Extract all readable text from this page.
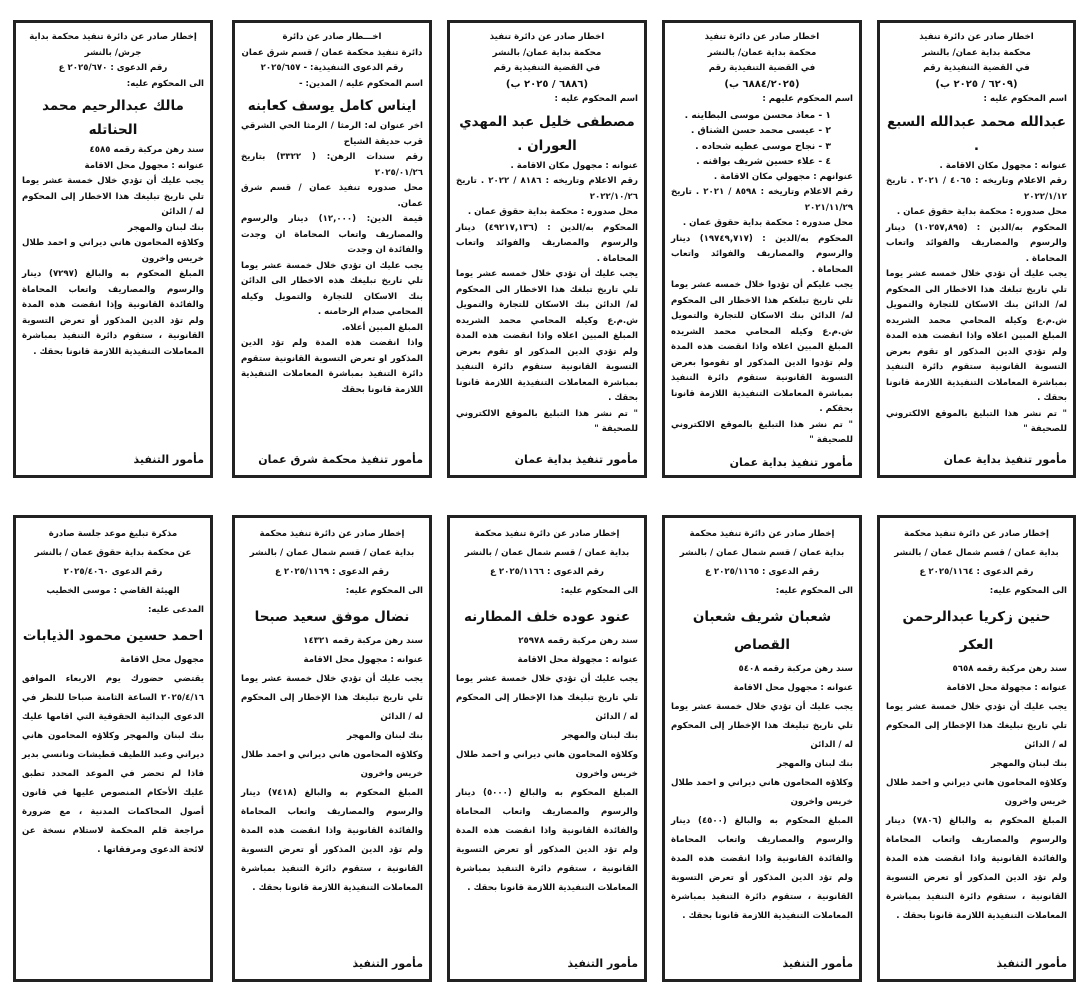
اخطار صادر عن دائرة تنفيذ

محكمة بداية عمان/ بالنشر

في القضية التنفيذية رقم

(٦٢٠٩ / ٢٠٢٥ ب)

اسم المحكوم عليه :

عبدالله محمد عبدالله السبع .

عنوانه : مجهول مكان الاقامة .

رقم الاعلام وتاريخه : ٤٠٦٥ / ٢٠٢١ . تاريخ ٢٠٢٢/١/١٢

محل صدوره : محكمة بداية حقوق عمان .

المحكوم به/الدين : (١٠٢٥٧,٨٩٥) دينار والرسوم والمصاريف والفوائد واتعاب المحاماة .

يجب عليك أن تؤدي خلال خمسه عشر يوما تلي تاريخ تبلغك هذا الاخطار الى المحكوم له/ الدائن بنك الاسكان للتجارة والتمويل ش.م.ع وكيله المحامي محمد الشريده المبلغ المبين اعلاه واذا انقضت هذه المدة ولم تؤدي الدين المذكور او تقوم بعرض التسوية القانونية ستقوم دائرة التنفيذ بمباشرة المعاملات التنفيذية اللازمة قانونا بحقك .

" تم نشر هذا التبليغ بالموقع الالكتروني للصحيفة "

مأمور تنفيذ بداية عمان

اخطار صادر عن دائرة تنفيذ

محكمة بداية عمان/ بالنشر

في القضية التنفيذية رقم

(٦٨٨٤/٢٠٢٥ ب)

اسم المحكوم عليهم :

١ - معاذ محسن موسى البطاينه .

٢ - عيسى محمد حسن الشناق .

٣ - نجاح موسى عطيه شحاده .

٤ - علاء حسين شريف بواقنه .

عنوانهم : مجهولي مكان الاقامة .

رقم الاعلام وتاريخه : ٨٥٩٨ / ٢٠٢١ . تاريخ ٢٠٢١/١١/٢٩

محل صدوره : محكمة بداية حقوق عمان .

المحكوم به/الدين : (١٩٧٤٩,٧١٧) دينار والرسوم والمصاريف والفوائد واتعاب المحاماة .

يجب عليكم أن تؤدوا خلال خمسه عشر يوما تلي تاريخ تبلغكم هذا الاخطار الى المحكوم له/ الدائن بنك الاسكان للتجارة والتمويل ش.م.ع وكيله المحامي محمد الشريده المبلغ المبين اعلاه واذا انقضت هذه المدة ولم تؤدوا الدين المذكور او تقوموا بعرض التسوية القانونية ستقوم دائرة التنفيذ بمباشرة المعاملات التنفيذية اللازمة قانونا بحقكم .

" تم نشر هذا التبليغ بالموقع الالكتروني للصحيفة "

مأمور تنفيذ بداية عمان

اخطار صادر عن دائرة تنفيذ

محكمة بداية عمان/ بالنشر

في القضية التنفيذية رقم

(٦٨٨٦ / ٢٠٢٥ ب)

اسم المحكوم عليه :

مصطفى خليل عبد المهدي العوران .

عنوانه : مجهول مكان الاقامة .

رقم الاعلام وتاريخه : ٨١٨٦ / ٢٠٢٢ . تاريخ ٢٠٢٢/١٠/٢٦

محل صدوره : محكمة بداية حقوق عمان .

المحكوم به/الدين : (٤٩٢١٧,١٣٦) دينار والرسوم والمصاريف والفوائد واتعاب المحاماة .

يجب عليك أن تؤدي خلال خمسه عشر يوما تلي تاريخ تبلغك هذا الاخطار الى المحكوم له/ الدائن بنك الاسكان للتجارة والتمويل ش.م.ع وكيله المحامي محمد الشريده المبلغ المبين اعلاه واذا انقضت هذه المدة ولم تؤدي الدين المذكور او تقوم بعرض التسوية القانونية ستقوم دائرة التنفيذ بمباشرة المعاملات التنفيذية اللازمة قانونا بحقك .

" تم نشر هذا التبليغ بالموقع الالكتروني للصحيفة "

مأمور تنفيذ بداية عمان

اخـــطار صادر عن دائرة

دائرة تنفيذ محكمة عمان / قسم شرق عمان

رقم الدعوى التنفيذية: - ٢٠٢٥/٦٥٧

اسم المحكوم عليه / المدين: -

ايناس كامل يوسف كعابنه

اخر عنوان له: الرمثا / الرمثا الحي الشرقي قرب حديقة الشياح

رقم سندات الرهن: ( ٣٣٢٢) بتاريخ ٢٠٢٥/٠١/٢٦

محل صدوره تنفيذ عمان / قسم شرق عمان.

قيمة الدين: (١٢,٠٠٠) دينار والرسوم والمصاريف واتعاب المحاماة ان وجدت والفائدة ان وجدت

يجب عليك ان تؤدي خلال خمسة عشر يوما تلي تاريخ تبليغك هذه الاخطار الى الدائن بنك الاسكان للتجارة والتمويل وكيله المحامي صدام الرحامنه .

المبلغ المبين أعلاه.

واذا انقضت هذه المدة ولم تؤد الدين المذكور او تعرض التسوية القانونية ستقوم دائرة التنفيذ بمباشرة المعاملات التنفيذية اللازمة قانونا بحقك

مأمور تنفيذ محكمة شرق عمان

إخطار صادر عن دائرة تنفيذ محكمة بداية

جرش/ بالنشر

رقم الدعوى : ٢٠٢٥/٦٧٠ ع

الى المحكوم عليه:

مالك عبدالرحيم محمد الحناتله

سند رهن مركبة رقمه ٤٥٨٥

عنوانه : مجهول محل الاقامة

يجب عليك أن تؤدي خلال خمسة عشر يوما تلي تاريخ تبليغك هذا الاخطار إلى المحكوم له / الدائن

بنك لبنان والمهجر

وكلاؤه المحامون هاني ديراني و احمد طلال خريس واخرون

المبلغ المحكوم به والبالغ (٧٢٩٧) دينار والرسوم والمصاريف واتعاب المحاماة والفائدة القانونية وإذا انقضت هذه المدة ولم تؤد الدين المذكور أو تعرض التسوية القانونية ، ستقوم دائرة التنفيذ بمباشرة المعاملات التنفيذية اللازمة قانونا بحقك .

مأمور التنفيذ

إخطار صادر عن دائرة تنفيذ محكمة

بداية عمان / قسم شمال عمان / بالنشر

رقم الدعوى : ٢٠٢٥/١١٦٤ ع

الى المحكوم عليه:

حنين زكريا عبدالرحمن العكر

سند رهن مركبة رقمه ٥٦٥٨

عنوانه : مجهولة محل الاقامة

يجب عليك أن تؤدي خلال خمسة عشر يوما تلي تاريخ تبليغك هذا الإخطار إلى المحكوم له / الدائن

بنك لبنان والمهجر

وكلاؤه المحامون هاني ديراني و احمد طلال خريس واخرون

المبلغ المحكوم به والبالغ (٧٨٠٦) دينار والرسوم والمصاريف واتعاب المحاماة والفائدة القانونية واذا انقضت هذه المدة ولم تؤد الدين المذكور أو تعرض التسوية القانونية ، ستقوم دائرة التنفيذ بمباشرة المعاملات التنفيذية اللازمة قانونا بحقك .

مأمور التنفيذ

إخطار صادر عن دائرة تنفيذ محكمة

بداية عمان / قسم شمال عمان / بالنشر

رقم الدعوى : ٢٠٢٥/١١٦٥ ع

الى المحكوم عليه:

شعبان شريف شعبان القصاص

سند رهن مركبة رقمه ٥٤٠٨

عنوانه : مجهول محل الاقامة

يجب عليك أن تؤدي خلال خمسة عشر يوما تلي تاريخ تبليغك هذا الإخطار إلى المحكوم له / الدائن

بنك لبنان والمهجر

وكلاؤه المحامون هاني ديراني و احمد طلال خريس واخرون

المبلغ المحكوم به والبالغ (٤٥٠٠) دينار والرسوم والمصاريف واتعاب المحاماة والفائدة القانونية واذا انقضت هذه المدة ولم تؤد الدين المذكور أو تعرض التسوية القانونية ، ستقوم دائرة التنفيذ بمباشرة المعاملات التنفيذية اللازمة قانونا بحقك .

مأمور التنفيذ

إخطار صادر عن دائرة تنفيذ محكمة

بداية عمان / قسم شمال عمان / بالنشر

رقم الدعوى : ٢٠٢٥/١١٦٦ ع

الى المحكوم عليه:

عنود عوده خلف المطارنه

سند رهن مركبة رقمه ٢٥٩٧٨

عنوانه : مجهولة محل الاقامة

يجب عليك أن تؤدي خلال خمسة عشر يوما تلي تاريخ تبليغك هذا الإخطار إلى المحكوم له / الدائن

بنك لبنان والمهجر

وكلاؤه المحامون هاني ديراني و احمد طلال خريس واخرون

المبلغ المحكوم به والبالغ (٥٠٠٠) دينار والرسوم والمصاريف واتعاب المحاماة والفائدة القانونية واذا انقضت هذه المدة ولم تؤد الدين المذكور أو تعرض التسوية القانونية ، ستقوم دائرة التنفيذ بمباشرة المعاملات التنفيذية اللازمة قانونا بحقك .

مأمور التنفيذ

إخطار صادر عن دائرة تنفيذ محكمة

بداية عمان / قسم شمال عمان / بالنشر

رقم الدعوى : ٢٠٢٥/١١٦٩ ع

الى المحكوم عليه:

نضال موفق سعيد صبحا

سند رهن مركبة رقمه ١٤٣٢١

عنوانه : مجهول محل الاقامة

يجب عليك أن تؤدي خلال خمسة عشر يوما تلي تاريخ تبليغك هذا الإخطار إلى المحكوم له / الدائن

بنك لبنان والمهجر

وكلاؤه المحامون هاني ديراني و احمد طلال خريس واخرون

المبلغ المحكوم به والبالغ (٧٤١٨) دينار والرسوم والمصاريف واتعاب المحاماة والفائدة القانونية واذا انقضت هذه المدة ولم تؤد الدين المذكور أو تعرض التسوية القانونية ، ستقوم دائرة التنفيذ بمباشرة المعاملات التنفيذية اللازمة قانونا بحقك .

مأمور التنفيذ

مذكرة تبليغ موعد جلسة صادرة

عن محكمة بداية حقوق عمان / بالنشر

رقم الدعوى ٢٠٢٥/٤٠٦٠

الهيئة القاضي : موسى الخطيب

المدعى عليه:

احمد حسين محمود الذيابات

مجهول محل الاقامة

يقتضي حضورك يوم الاربعاء الموافق ٢٠٢٥/٤/١٦ الساعة الثامنة صباحا للنظر في الدعوى البدائية الحقوقية التي اقامها عليك بنك لبنان والمهجر وكلاؤه المحامون هاني ديراني وعبد اللطيف قطيشات ونانسي بدير فاذا لم تحضر في الموعد المحدد تطبق عليك الأحكام المنصوص عليها في قانون أصول المحاكمات المدنية ، مع ضرورة مراجعة قلم المحكمة لاستلام نسخة عن لائحة الدعوى ومرفقاتها .
